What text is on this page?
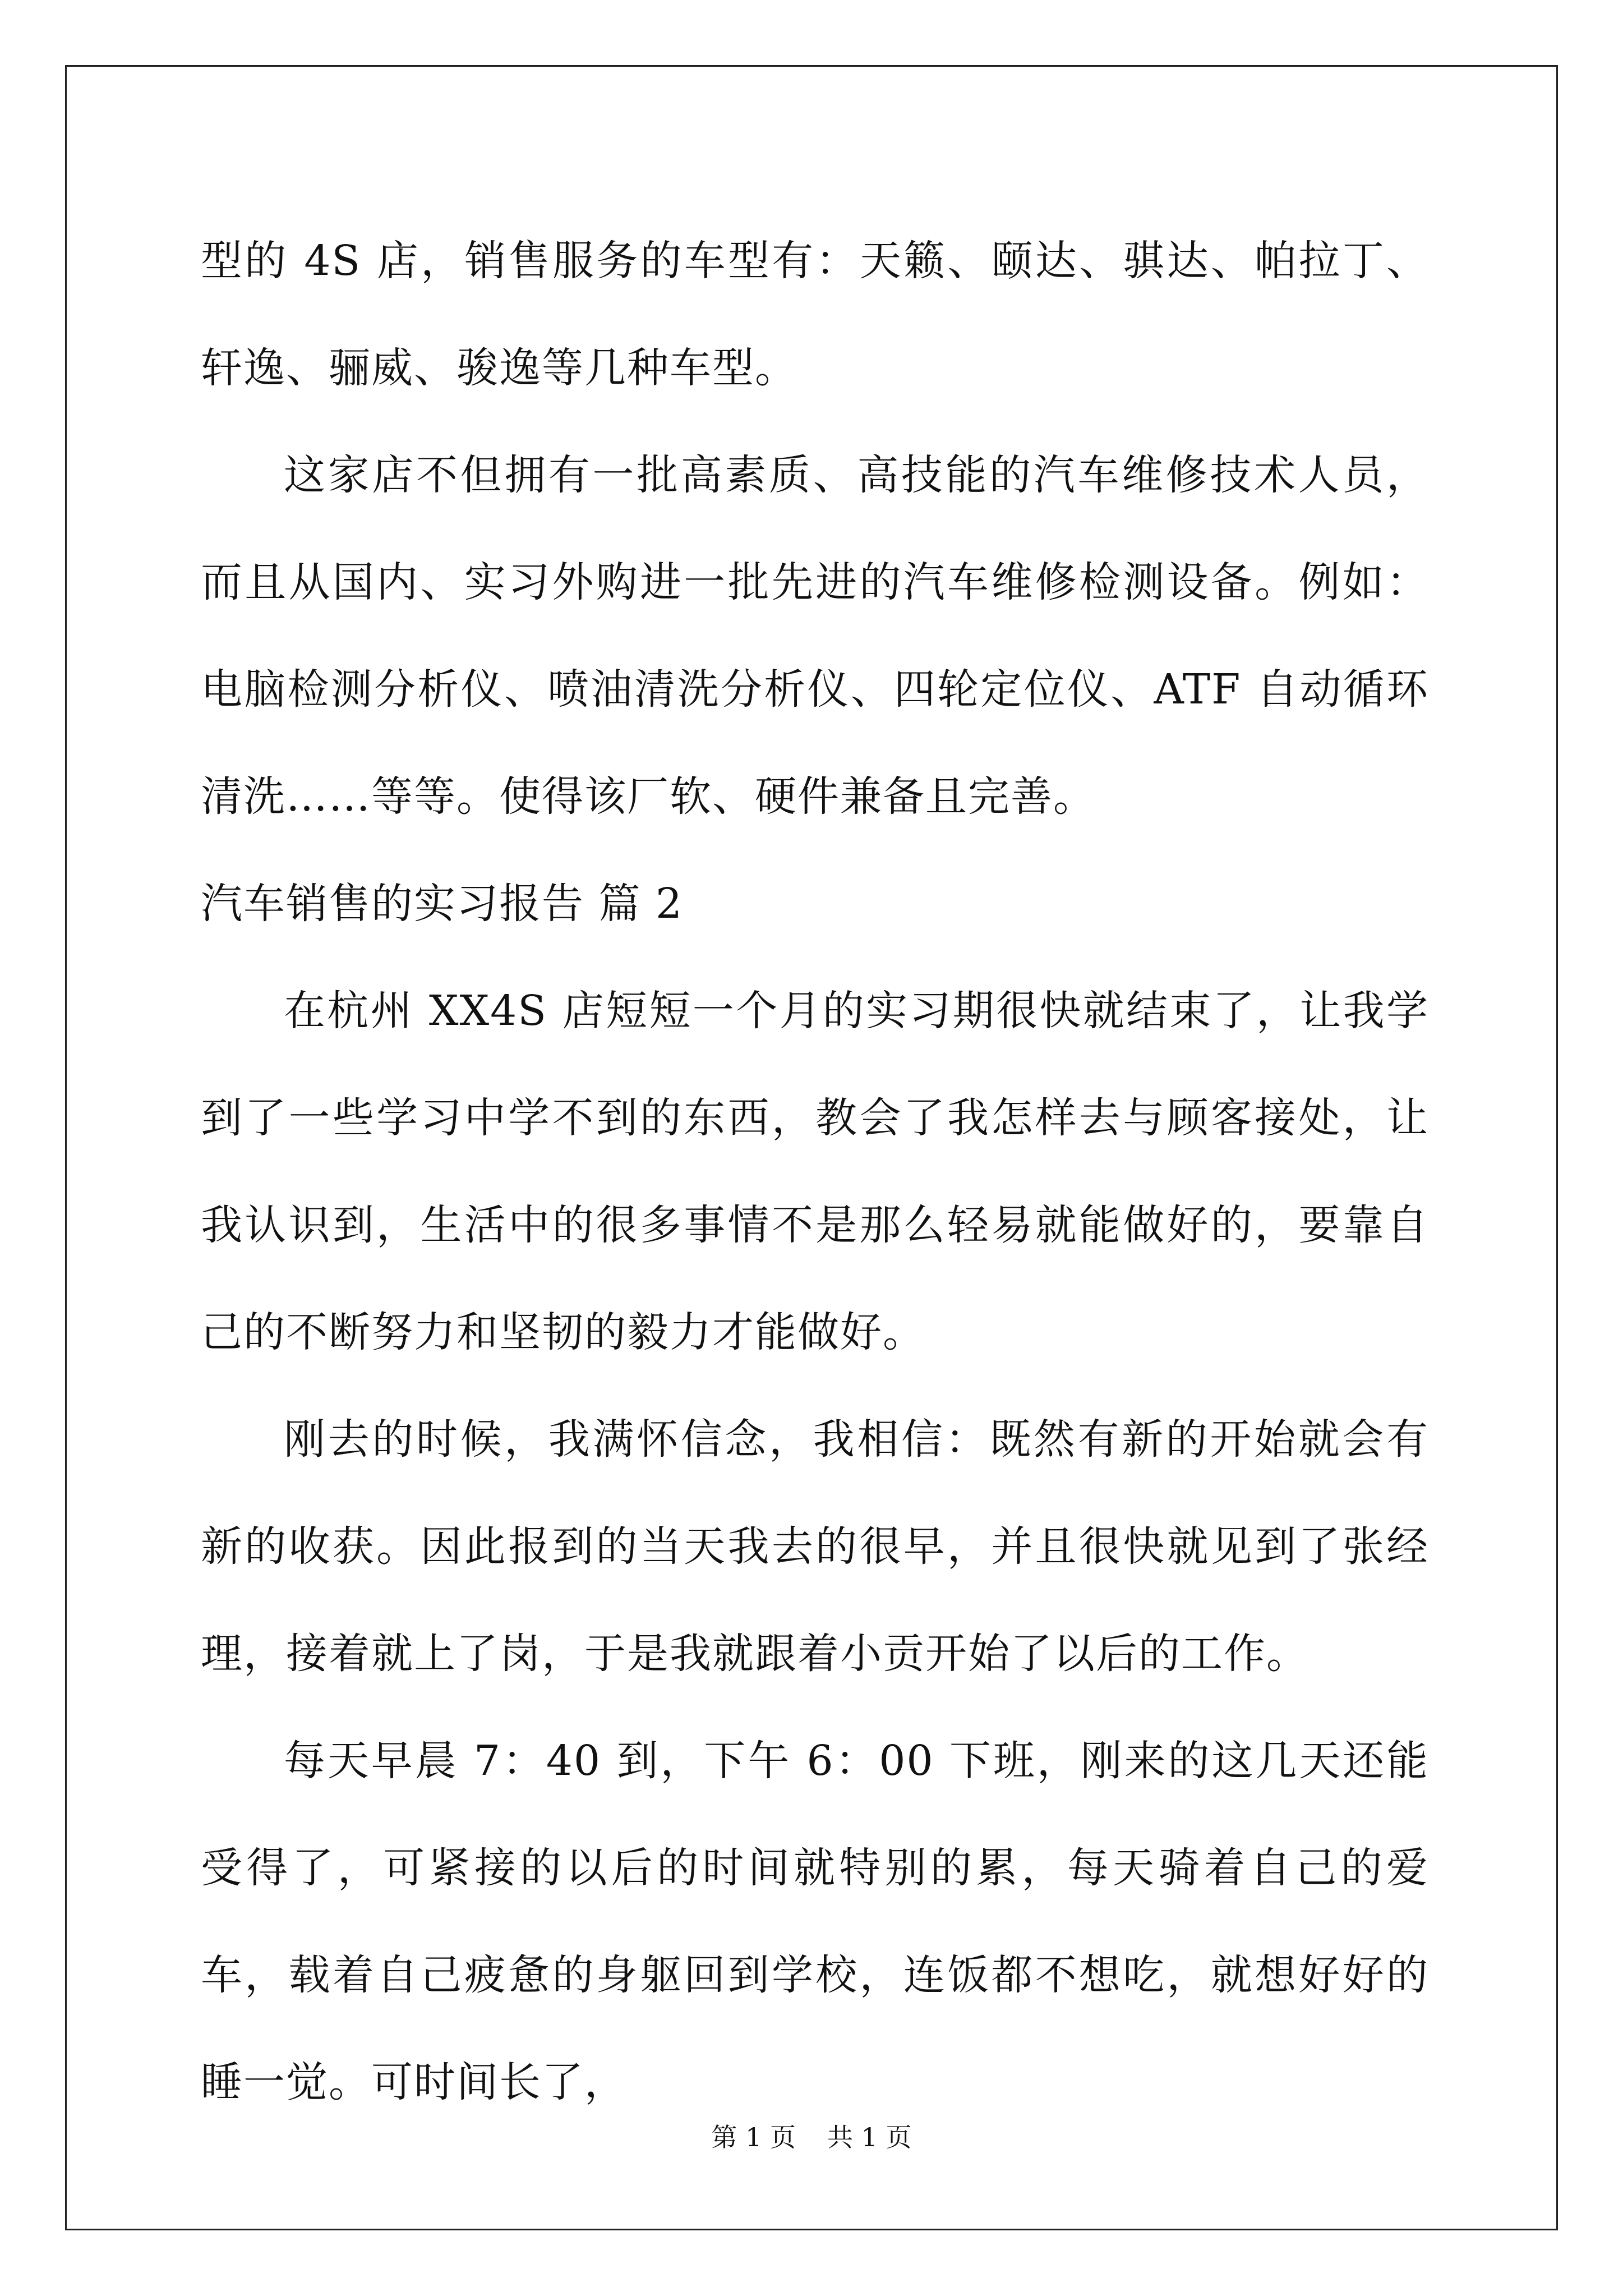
型的 4S 店，销售服务的车型有：天籁、颐达、骐达、帕拉丁、轩逸、骊威、骏逸等几种车型。

这家店不但拥有一批高素质、高技能的汽车维修技术人员，而且从国内、实习外购进一批先进的汽车维修检测设备。例如：电脑检测分析仪、喷油清洗分析仪、四轮定位仪、ATF 自动循环清洗……等等。使得该厂软、硬件兼备且完善。

汽车销售的实习报告 篇 2

在杭州 XX4S 店短短一个月的实习期很快就结束了，让我学到了一些学习中学不到的东西，教会了我怎样去与顾客接处，让我认识到，生活中的很多事情不是那么轻易就能做好的，要靠自己的不断努力和坚韧的毅力才能做好。

刚去的时候，我满怀信念，我相信：既然有新的开始就会有新的收获。因此报到的当天我去的很早，并且很快就见到了张经理，接着就上了岗，于是我就跟着小贡开始了以后的工作。

每天早晨 7：40 到，下午 6：00 下班，刚来的这几天还能受得了，可紧接的以后的时间就特别的累，每天骑着自己的爱车，载着自己疲惫的身躯回到学校，连饭都不想吃，就想好好的睡一觉。可时间长了，

第 1 页 共 1 页
